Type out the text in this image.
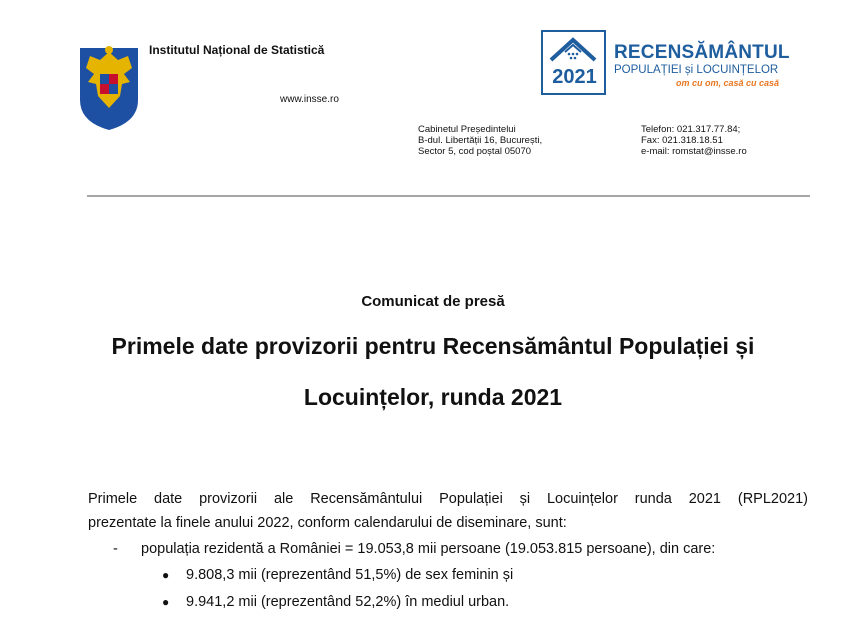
Institutul Național de Statistică
www.insse.ro
2021
RECENSĂMÂNTUL
POPULAȚIEI și LOCUINȚELOR
om cu om, casă cu casă
Cabinetul Președintelui
B-dul. Libertății 16, București,
Sector 5, cod poștal 05070
Telefon: 021.317.77.84;
Fax: 021.318.18.51
e-mail: romstat@insse.ro
Comunicat de presă
Primele date provizorii pentru Recensământul Populației și
Locuințelor, runda 2021
Primele date provizorii ale Recensământului Populației și Locuințelor runda 2021 (RPL2021)
prezentate la finele anului 2022, conform calendarului de diseminare, sunt:
- populația rezidentă a României = 19.053,8 mii persoane (19.053.815 persoane), din care:
● 9.808,3 mii (reprezentând 51,5%) de sex feminin și
● 9.941,2 mii (reprezentând 52,2%) în mediul urban.
